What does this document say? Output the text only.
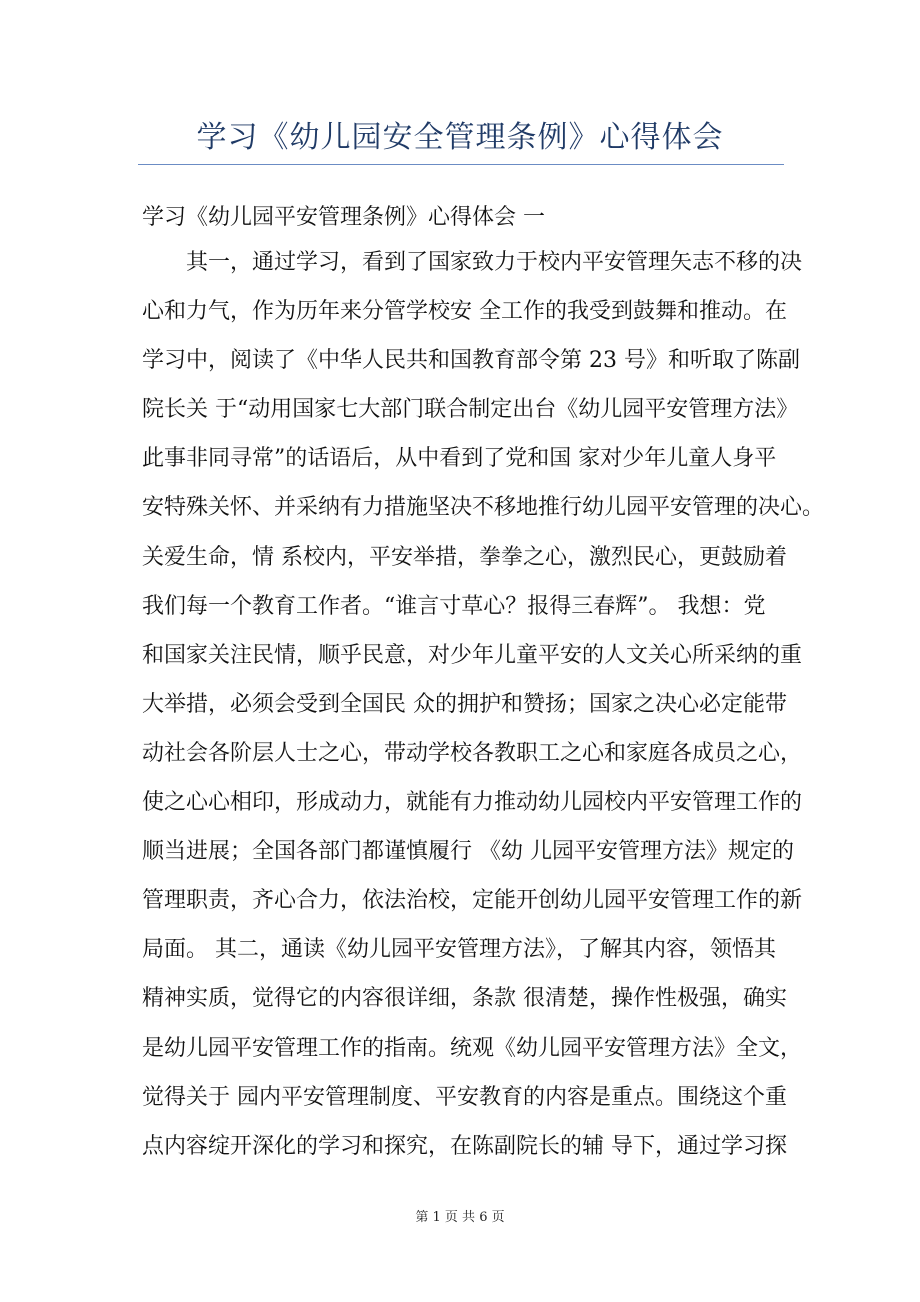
学习《幼儿园安全管理条例》心得体会
学习《幼儿园平安管理条例》心得体会 一
其一，通过学习，看到了国家致力于校内平安管理矢志不移的决
心和力气，作为历年来分管学校安 全工作的我受到鼓舞和推动。在
学习中，阅读了《中华人民共和国教育部令第 23 号》和听取了陈副
院长关 于“动用国家七大部门联合制定出台《幼儿园平安管理方法》
此事非同寻常”的话语后，从中看到了党和国 家对少年儿童人身平
安特殊关怀、并采纳有力措施坚决不移地推行幼儿园平安管理的决心。
关爱生命，情 系校内，平安举措，拳拳之心，激烈民心，更鼓励着
我们每一个教育工作者。“谁言寸草心？报得三春辉”。 我想：党
和国家关注民情，顺乎民意，对少年儿童平安的人文关心所采纳的重
大举措，必须会受到全国民 众的拥护和赞扬；国家之决心必定能带
动社会各阶层人士之心，带动学校各教职工之心和家庭各成员之心，
使之心心相印，形成动力，就能有力推动幼儿园校内平安管理工作的
顺当进展；全国各部门都谨慎履行 《幼 儿园平安管理方法》规定的
管理职责，齐心合力，依法治校，定能开创幼儿园平安管理工作的新
局面。 其二，通读《幼儿园平安管理方法》，了解其内容，领悟其
精神实质，觉得它的内容很详细，条款 很清楚，操作性极强，确实
是幼儿园平安管理工作的指南。统观《幼儿园平安管理方法》全文，
觉得关于 园内平安管理制度、平安教育的内容是重点。围绕这个重
点内容绽开深化的学习和探究，在陈副院长的辅 导下，通过学习探
第 1 页 共 6 页
